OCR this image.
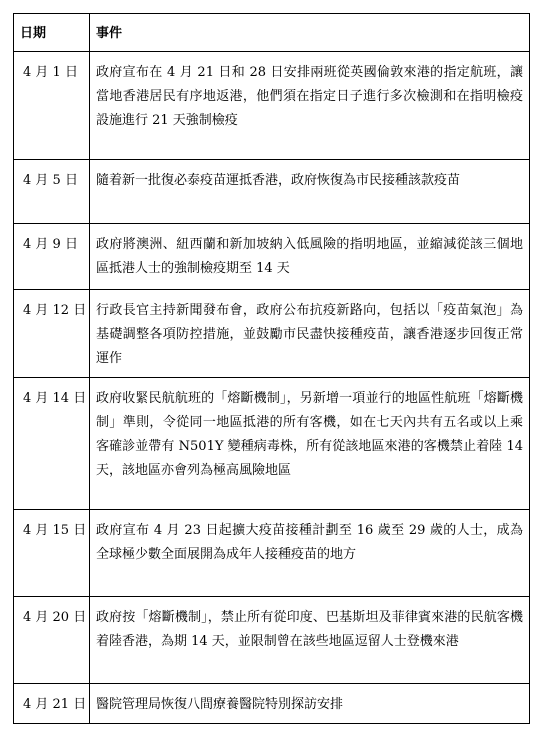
日期	事件

4 月 1 日	政府宣布在 4 月 21 日和 28 日安排兩班從英國倫敦來港的指定航班，讓當地香港居民有序地返港，他們須在指定日子進行多次檢測和在指明檢疫設施進行 21 天強制檢疫

4 月 5 日	隨着新一批復必泰疫苗運抵香港，政府恢復為市民接種該款疫苗

4 月 9 日	政府將澳洲、紐西蘭和新加坡納入低風險的指明地區，並縮減從該三個地區抵港人士的強制檢疫期至 14 天

4 月 12 日	行政長官主持新聞發布會，政府公布抗疫新路向，包括以「疫苗氣泡」為基礎調整各項防控措施，並鼓勵市民盡快接種疫苗，讓香港逐步回復正常運作

4 月 14 日	政府收緊民航航班的「熔斷機制」，另新增一項並行的地區性航班「熔斷機制」準則，令從同一地區抵港的所有客機，如在七天內共有五名或以上乘客確診並帶有 N501Y 變種病毒株，所有從該地區來港的客機禁止着陸 14 天，該地區亦會列為極高風險地區

4 月 15 日	政府宣布 4 月 23 日起擴大疫苗接種計劃至 16 歲至 29 歲的人士，成為全球極少數全面展開為成年人接種疫苗的地方

4 月 20 日	政府按「熔斷機制」，禁止所有從印度、巴基斯坦及菲律賓來港的民航客機着陸香港，為期 14 天，並限制曾在該些地區逗留人士登機來港

4 月 21 日	醫院管理局恢復八間療養醫院特別探訪安排
